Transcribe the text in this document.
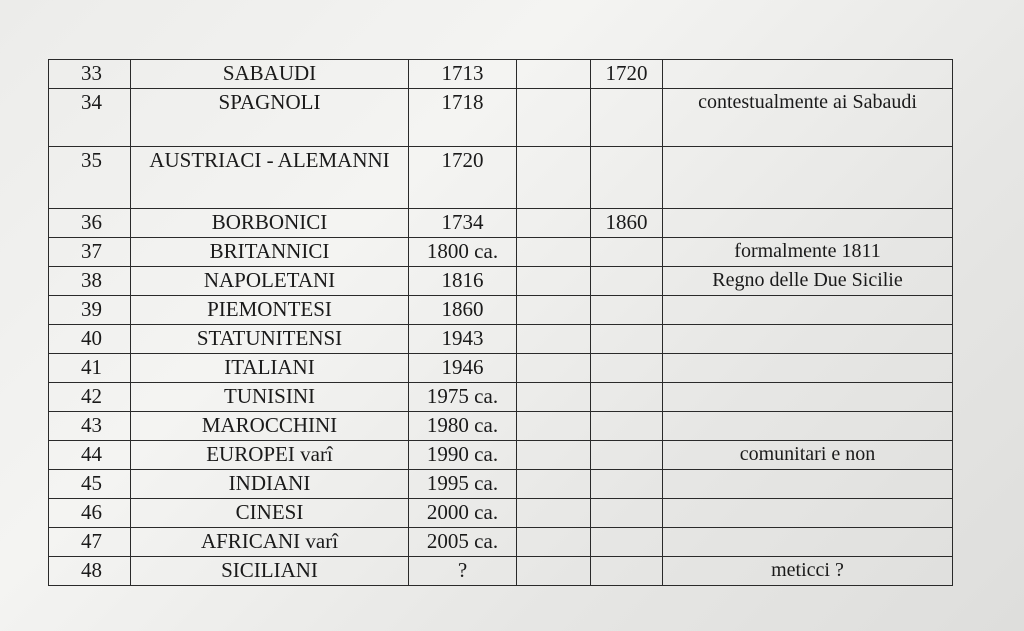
33	SABAUDI	1713		1720	
34	SPAGNOLI	1718			contestualmente ai Sabaudi
35	AUSTRIACI - ALEMANNI	1720			
36	BORBONICI	1734		1860	
37	BRITANNICI	1800 ca.			formalmente 1811
38	NAPOLETANI	1816			Regno delle Due Sicilie
39	PIEMONTESI	1860			
40	STATUNITENSI	1943			
41	ITALIANI	1946			
42	TUNISINI	1975 ca.			
43	MAROCCHINI	1980 ca.			
44	EUROPEI varî	1990 ca.			comunitari e non
45	INDIANI	1995 ca.			
46	CINESI	2000 ca.			
47	AFRICANI varî	2005 ca.			
48	SICILIANI	?			meticci ?
